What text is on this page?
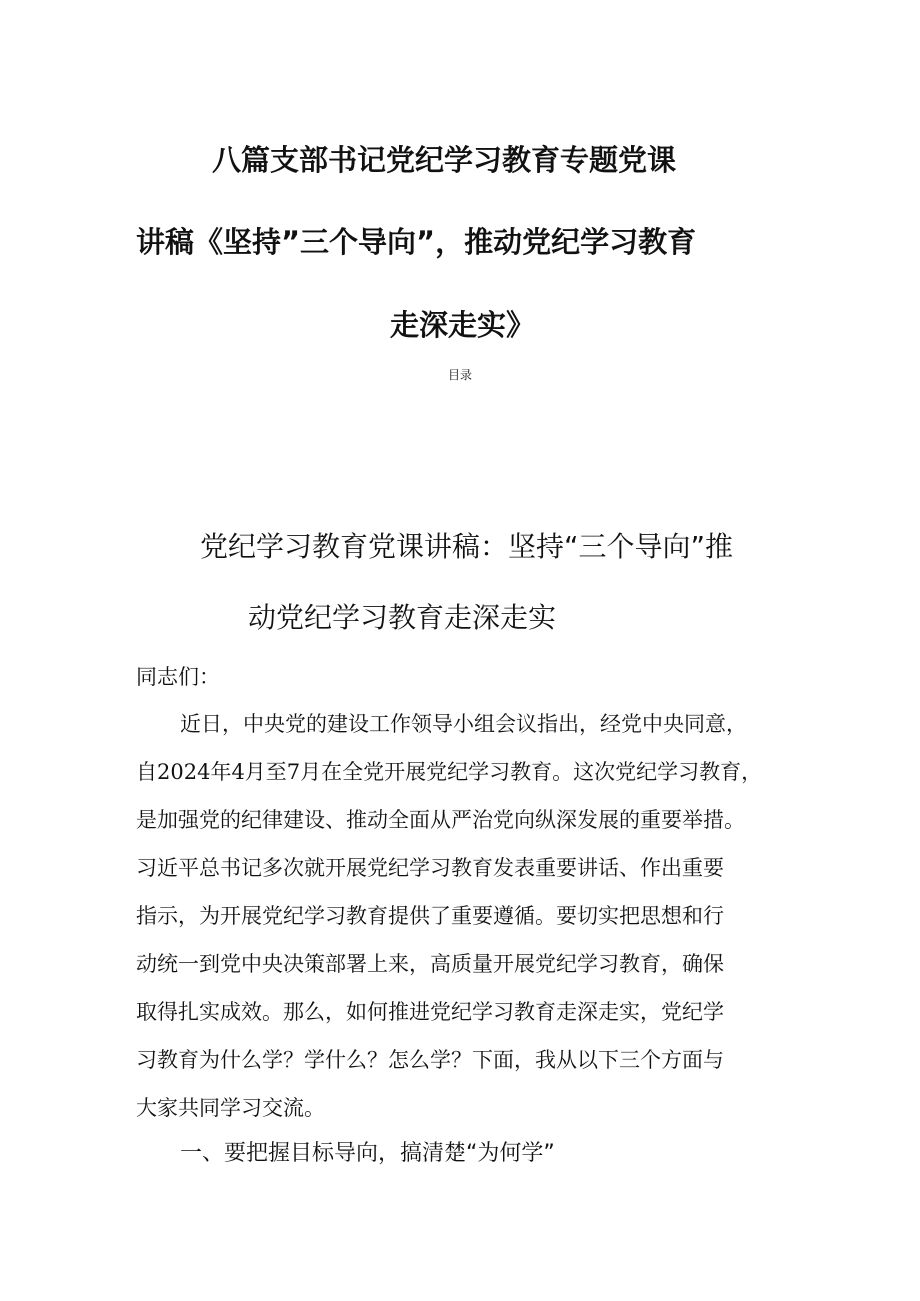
八篇支部书记党纪学习教育专题党课
讲稿《坚持”三个导向”，推动党纪学习教育
走深走实》
目录
党纪学习教育党课讲稿：坚持“三个导向”推
动党纪学习教育走深走实
同志们：
近日，中央党的建设工作领导小组会议指出，经党中央同意，
自2024年4月至7月在全党开展党纪学习教育。这次党纪学习教育，
是加强党的纪律建设、推动全面从严治党向纵深发展的重要举措。
习近平总书记多次就开展党纪学习教育发表重要讲话、作出重要
指示，为开展党纪学习教育提供了重要遵循。要切实把思想和行
动统一到党中央决策部署上来，高质量开展党纪学习教育，确保
取得扎实成效。那么，如何推进党纪学习教育走深走实，党纪学
习教育为什么学？学什么？怎么学？下面，我从以下三个方面与
大家共同学习交流。
一、要把握目标导向，搞清楚“为何学”
